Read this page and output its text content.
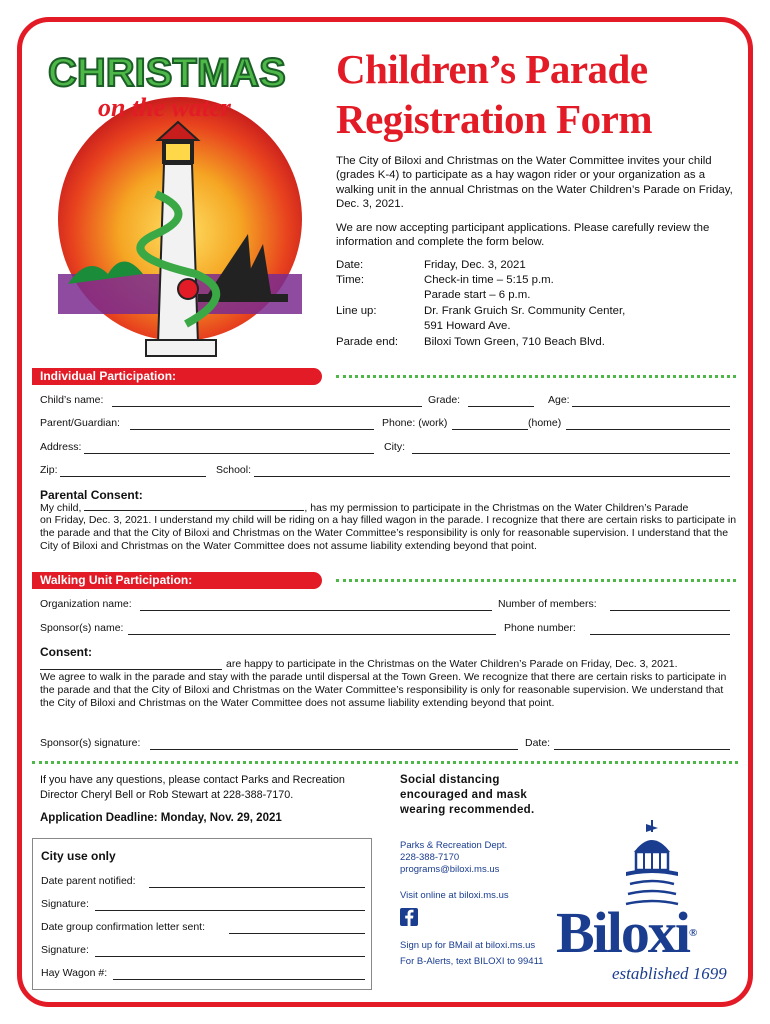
CHRISTMAS
on the water
Children’s Parade
Registration Form

The City of Biloxi and Christmas on the Water Committee invites your child (grades K-4) to participate as a hay wagon rider or your organization as a walking unit in the annual Christmas on the Water Children’s Parade on Friday, Dec. 3, 2021.

We are now accepting participant applications. Please carefully review the information and complete the form below.

Date:	Friday, Dec. 3, 2021
Time:	Check-in time – 5:15 p.m.
Parade start – 6 p.m.
Line up:	Dr. Frank Gruich Sr. Community Center,
591 Howard Ave.
Parade end: Biloxi Town Green, 710 Beach Blvd.
Individual Participation:
Child’s name:	Grade:	Age:
Parent/Guardian:	Phone: (work)	(home)
Address:	City:
Zip:	School:
Parental Consent:
My child,	, has my permission to participate in the Christmas on the Water Children’s Parade
on Friday, Dec. 3, 2021. I understand my child will be riding on a hay filled wagon in the parade. I recognize that there are certain risks to participate in the parade and that the City of Biloxi and Christmas on the Water Committee’s responsibility is only for reasonable supervision. I understand that the City of Biloxi and Christmas on the Water Committee does not assume liability extending beyond that point.
Walking Unit Participation:
Organization name:	Number of members:
Sponsor(s) name:	Phone number:
Consent:
are happy to participate in the Christmas on the Water Children’s Parade on Friday, Dec. 3, 2021.
We agree to walk in the parade and stay with the parade until dispersal at the Town Green. We recognize that there are certain risks to participate in the parade and that the City of Biloxi and Christmas on the Water Committee’s responsibility is only for reasonable supervision. We understand that the City of Biloxi and Christmas on the Water Committee does not assume liability extending beyond that point.
Sponsor(s) signature:	Date:
If you have any questions, please contact Parks and Recreation Director Cheryl Bell or Rob Stewart at 228-388-7170.
Application Deadline: Monday, Nov. 29, 2021
City use only
Date parent notified:
Signature:
Date group confirmation letter sent:
Signature:
Hay Wagon #:
Social distancing encouraged and mask wearing recommended.
Parks & Recreation Dept.
228-388-7170
programs@biloxi.ms.us
Visit online at biloxi.ms.us
Sign up for BMail at biloxi.ms.us
For B-Alerts, text BILOXI to 99411 Biloxi®
established 1699
